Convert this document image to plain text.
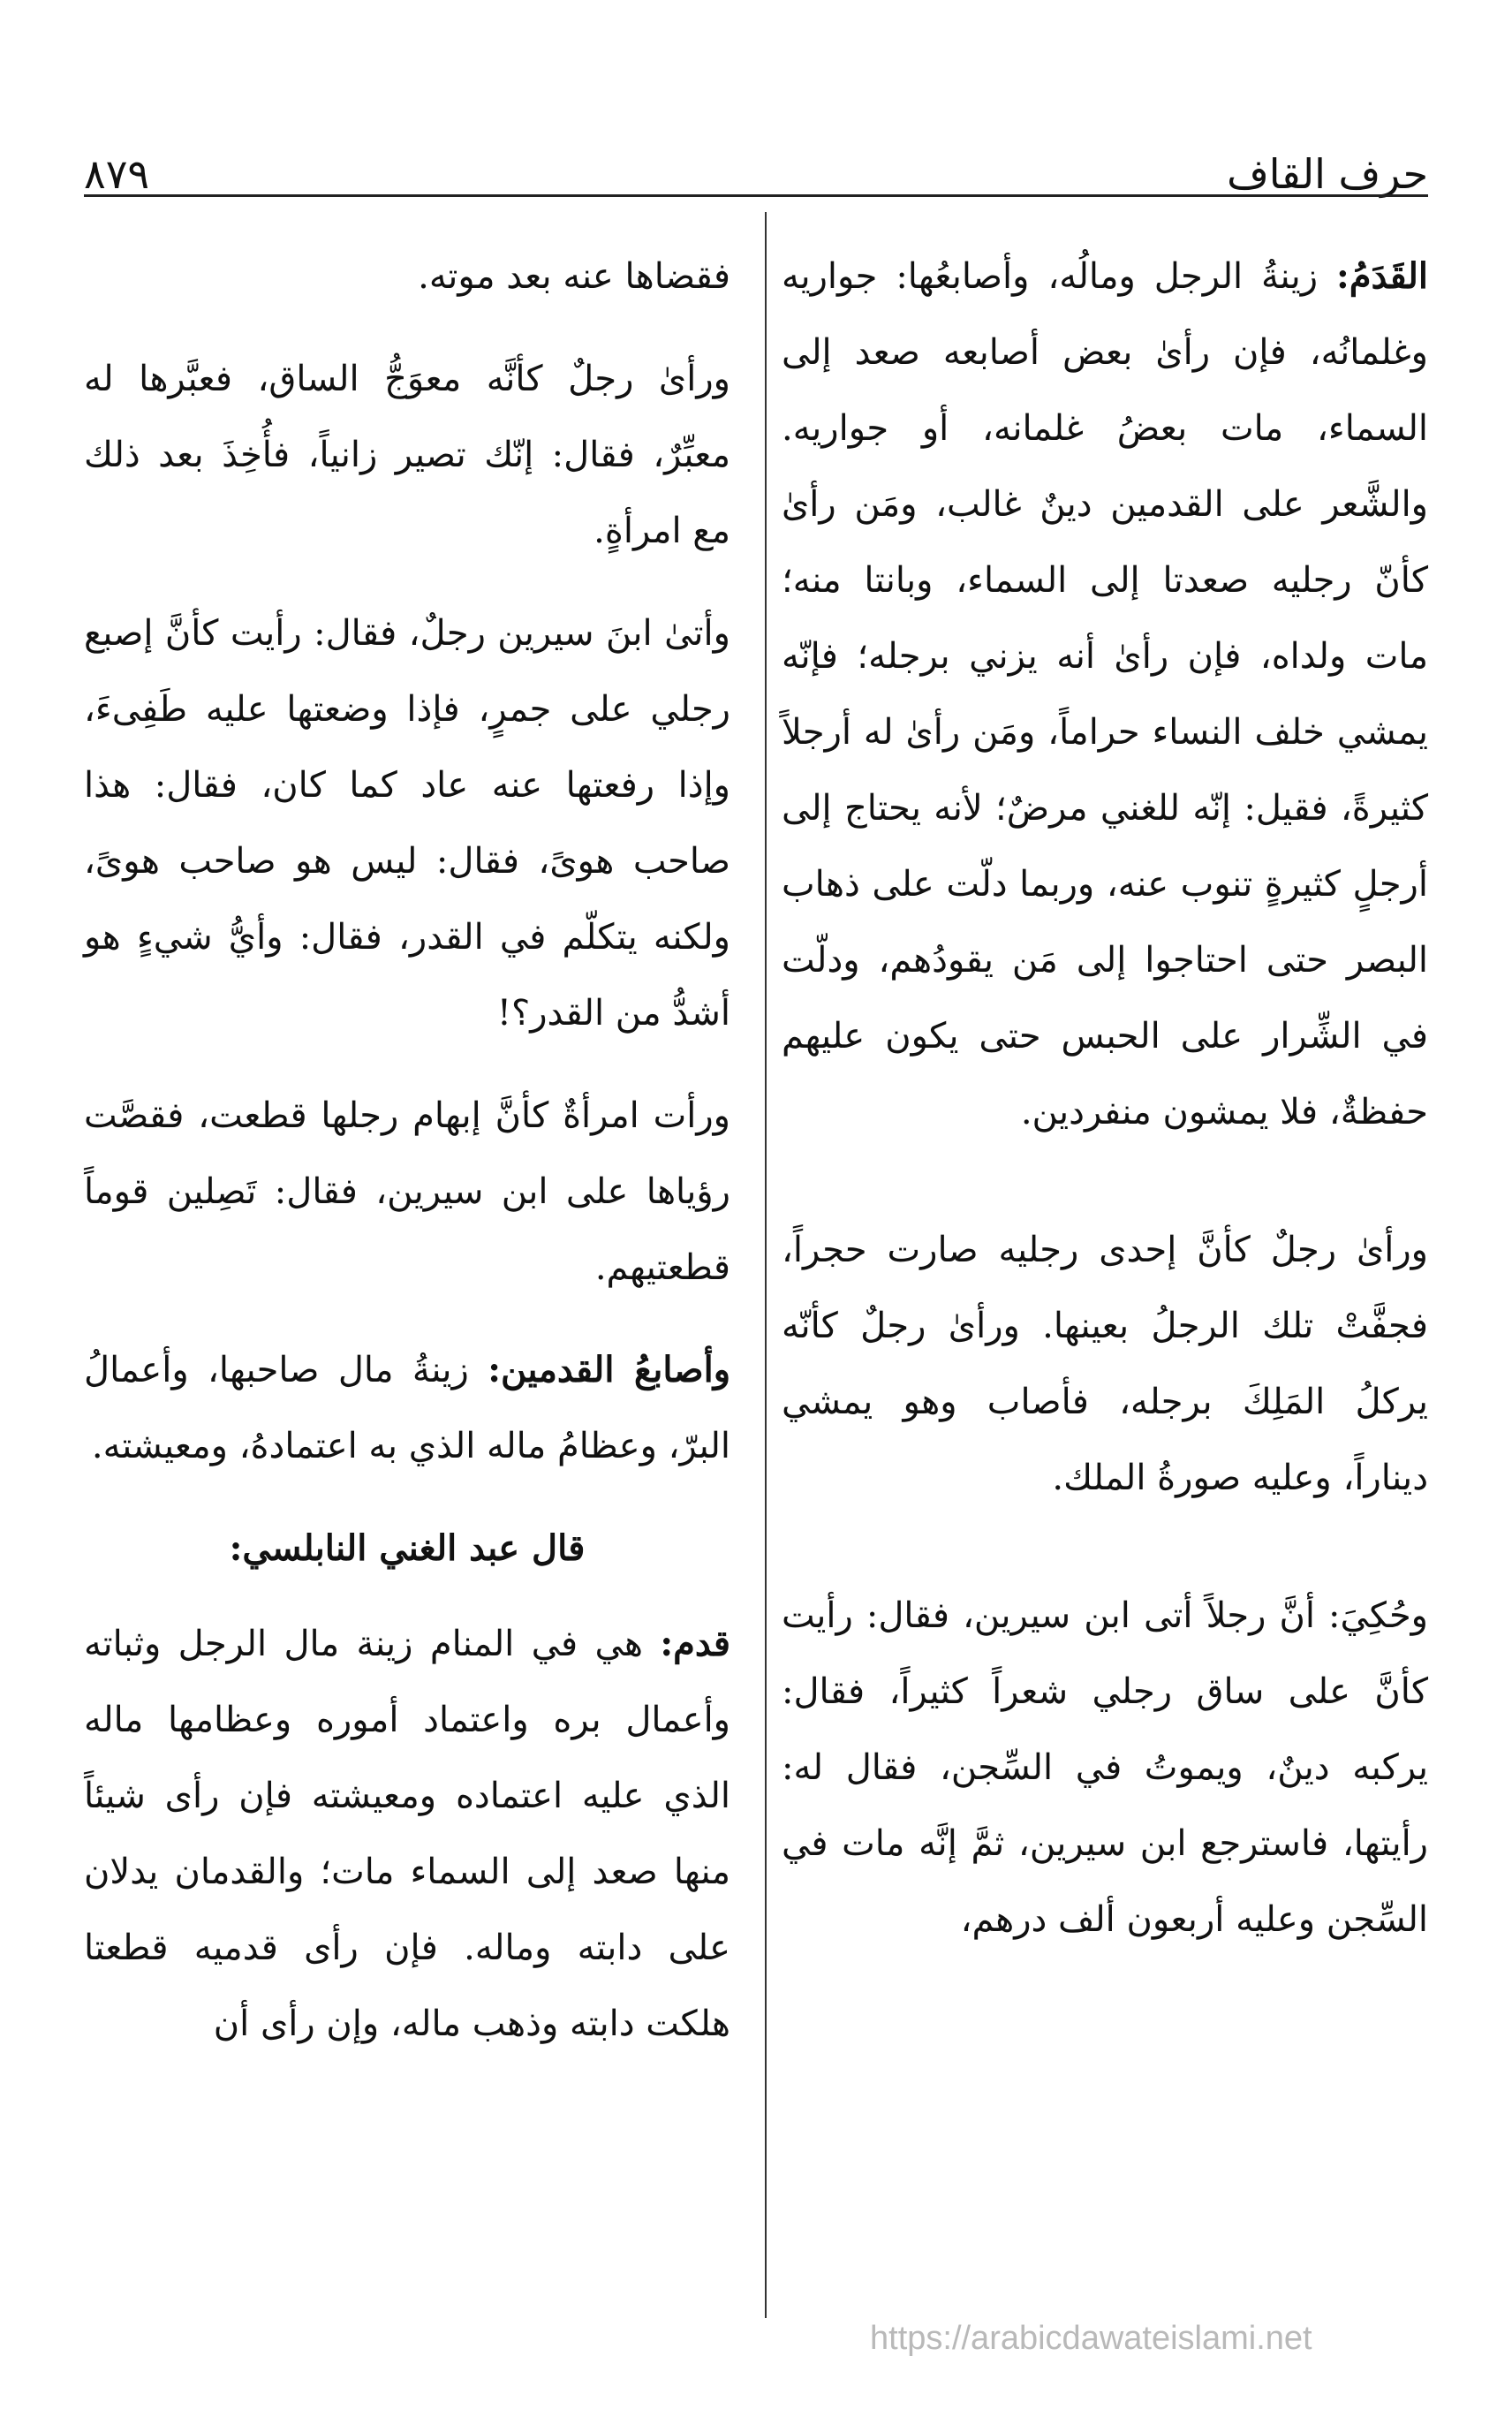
حرف القاف
٨٧٩

القَدَمُ: زينةُ الرجل ومالُه، وأصابعُها: جواريه وغلمانُه، فإن رأىٰ بعض أصابعه صعد إلى السماء، مات بعضُ غلمانه، أو جواريه. والشَّعر على القدمين دينٌ غالب، ومَن رأىٰ كأنّ رجليه صعدتا إلى السماء، وبانتا منه؛ مات ولداه، فإن رأىٰ أنه يزني برجله؛ فإنّه يمشي خلف النساء حراماً، ومَن رأىٰ له أرجلاً كثيرةً، فقيل: إنّه للغني مرضٌ؛ لأنه يحتاج إلى أرجلٍ كثيرةٍ تنوب عنه، وربما دلّت على ذهاب البصر حتى احتاجوا إلى مَن يقودُهم، ودلّت في الشِّرار على الحبس حتى يكون عليهم حفظةٌ، فلا يمشون منفردين.

ورأىٰ رجلٌ كأنَّ إحدى رجليه صارت حجراً، فجفَّتْ تلك الرجلُ بعينها. ورأىٰ رجلٌ كأنّه يركلُ المَلِكَ برجله، فأصاب وهو يمشي ديناراً، وعليه صورةُ الملك.

وحُكِيَ: أنَّ رجلاً أتى ابن سيرين، فقال: رأيت كأنَّ على ساق رجلي شعراً كثيراً، فقال: يركبه دينٌ، ويموتُ في السِّجن، فقال له: رأيتها، فاسترجع ابن سيرين، ثمَّ إنَّه مات في السِّجن وعليه أربعون ألف درهم،

فقضاها عنه بعد موته.

ورأىٰ رجلٌ كأنَّه معوَجُّ الساق، فعبَّرها له معبِّرٌ، فقال: إنّك تصير زانياً، فأُخِذَ بعد ذلك مع امرأةٍ.

وأتىٰ ابنَ سيرين رجلٌ، فقال: رأيت كأنَّ إصبع رجلي على جمرٍ، فإذا وضعتها عليه طَفِىءَ، وإذا رفعتها عنه عاد كما كان، فقال: هذا صاحب هوىً، فقال: ليس هو صاحب هوىً، ولكنه يتكلّم في القدر، فقال: وأيُّ شيءٍ هو أشدُّ من القدر؟!

ورأت امرأةٌ كأنَّ إبهام رجلها قطعت، فقصَّت رؤياها على ابن سيرين، فقال: تَصِلين قوماً قطعتيهم.

وأصابعُ القدمين: زينةُ مال صاحبها، وأعمالُ البرّ، وعظامُ ماله الذي به اعتمادهُ، ومعيشته.

قال عبد الغني النابلسي:

قدم: هي في المنام زينة مال الرجل وثباته وأعمال بره واعتماد أموره وعظامها ماله الذي عليه اعتماده ومعيشته فإن رأى شيئاً منها صعد إلى السماء مات؛ والقدمان يدلان على دابته وماله. فإن رأى قدميه قطعتا هلكت دابته وذهب ماله، وإن رأى أن

https://arabicdawateislami.net
